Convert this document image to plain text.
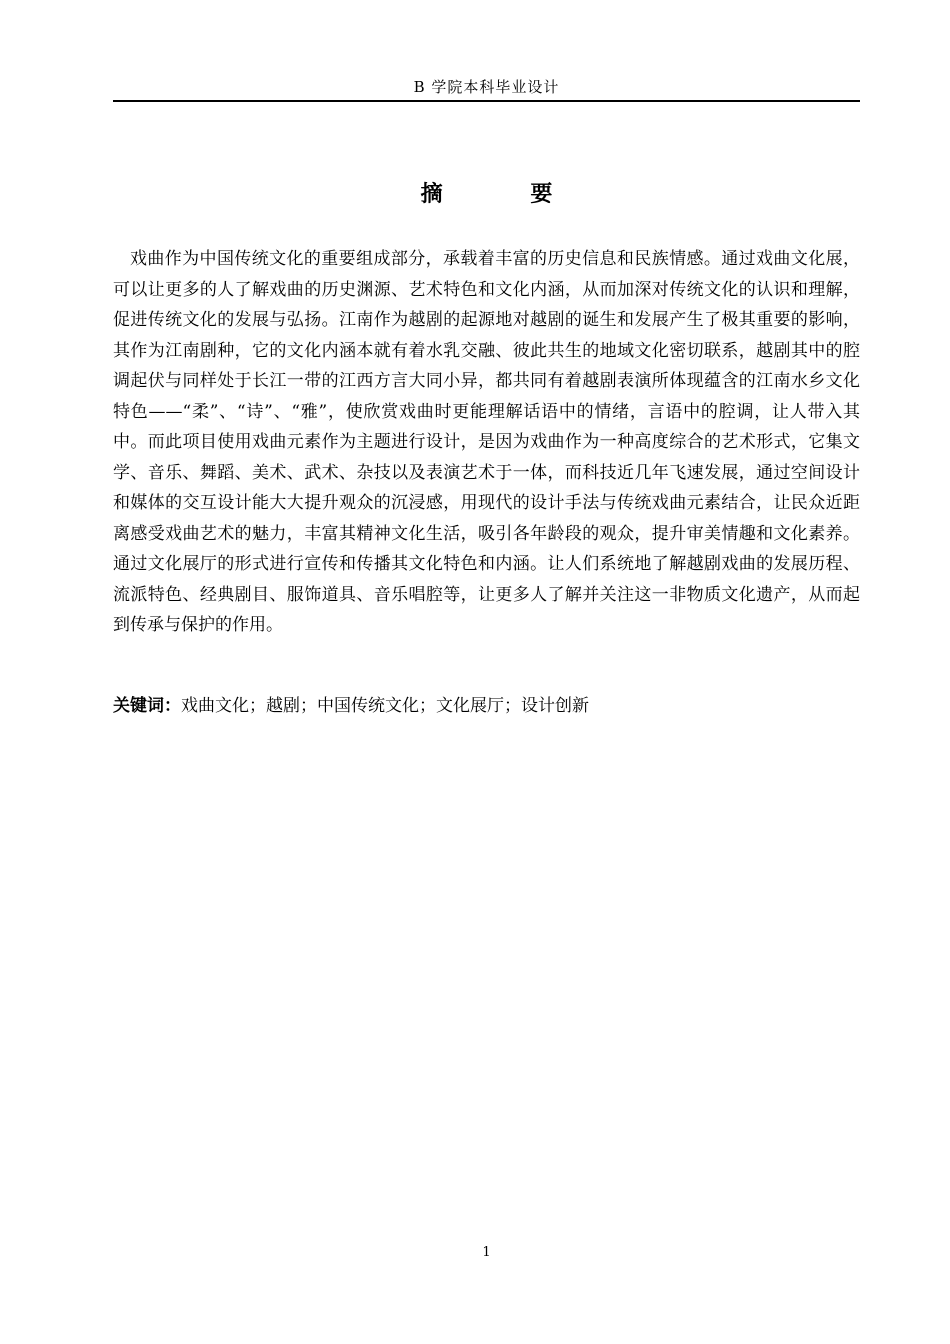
B 学院本科毕业设计
摘 要

戏曲作为中国传统文化的重要组成部分，承载着丰富的历史信息和民族情感。通过戏曲文化展，可以让更多的人了解戏曲的历史渊源、艺术特色和文化内涵，从而加深对传统文化的认识和理解，促进传统文化的发展与弘扬。江南作为越剧的起源地对越剧的诞生和发展产生了极其重要的影响，其作为江南剧种，它的文化内涵本就有着水乳交融、彼此共生的地域文化密切联系，越剧其中的腔调起伏与同样处于长江一带的江西方言大同小异，都共同有着越剧表演所体现蕴含的江南水乡文化特色——“柔”、“诗”、“雅”，使欣赏戏曲时更能理解话语中的情绪，言语中的腔调，让人带入其中。而此项目使用戏曲元素作为主题进行设计，是因为戏曲作为一种高度综合的艺术形式，它集文学、音乐、舞蹈、美术、武术、杂技以及表演艺术于一体，而科技近几年飞速发展，通过空间设计和媒体的交互设计能大大提升观众的沉浸感，用现代的设计手法与传统戏曲元素结合，让民众近距离感受戏曲艺术的魅力，丰富其精神文化生活，吸引各年龄段的观众，提升审美情趣和文化素养。通过文化展厅的形式进行宣传和传播其文化特色和内涵。让人们系统地了解越剧戏曲的发展历程、流派特色、经典剧目、服饰道具、音乐唱腔等，让更多人了解并关注这一非物质文化遗产，从而起到传承与保护的作用。

关键词：戏曲文化；越剧；中国传统文化；文化展厅；设计创新
1
